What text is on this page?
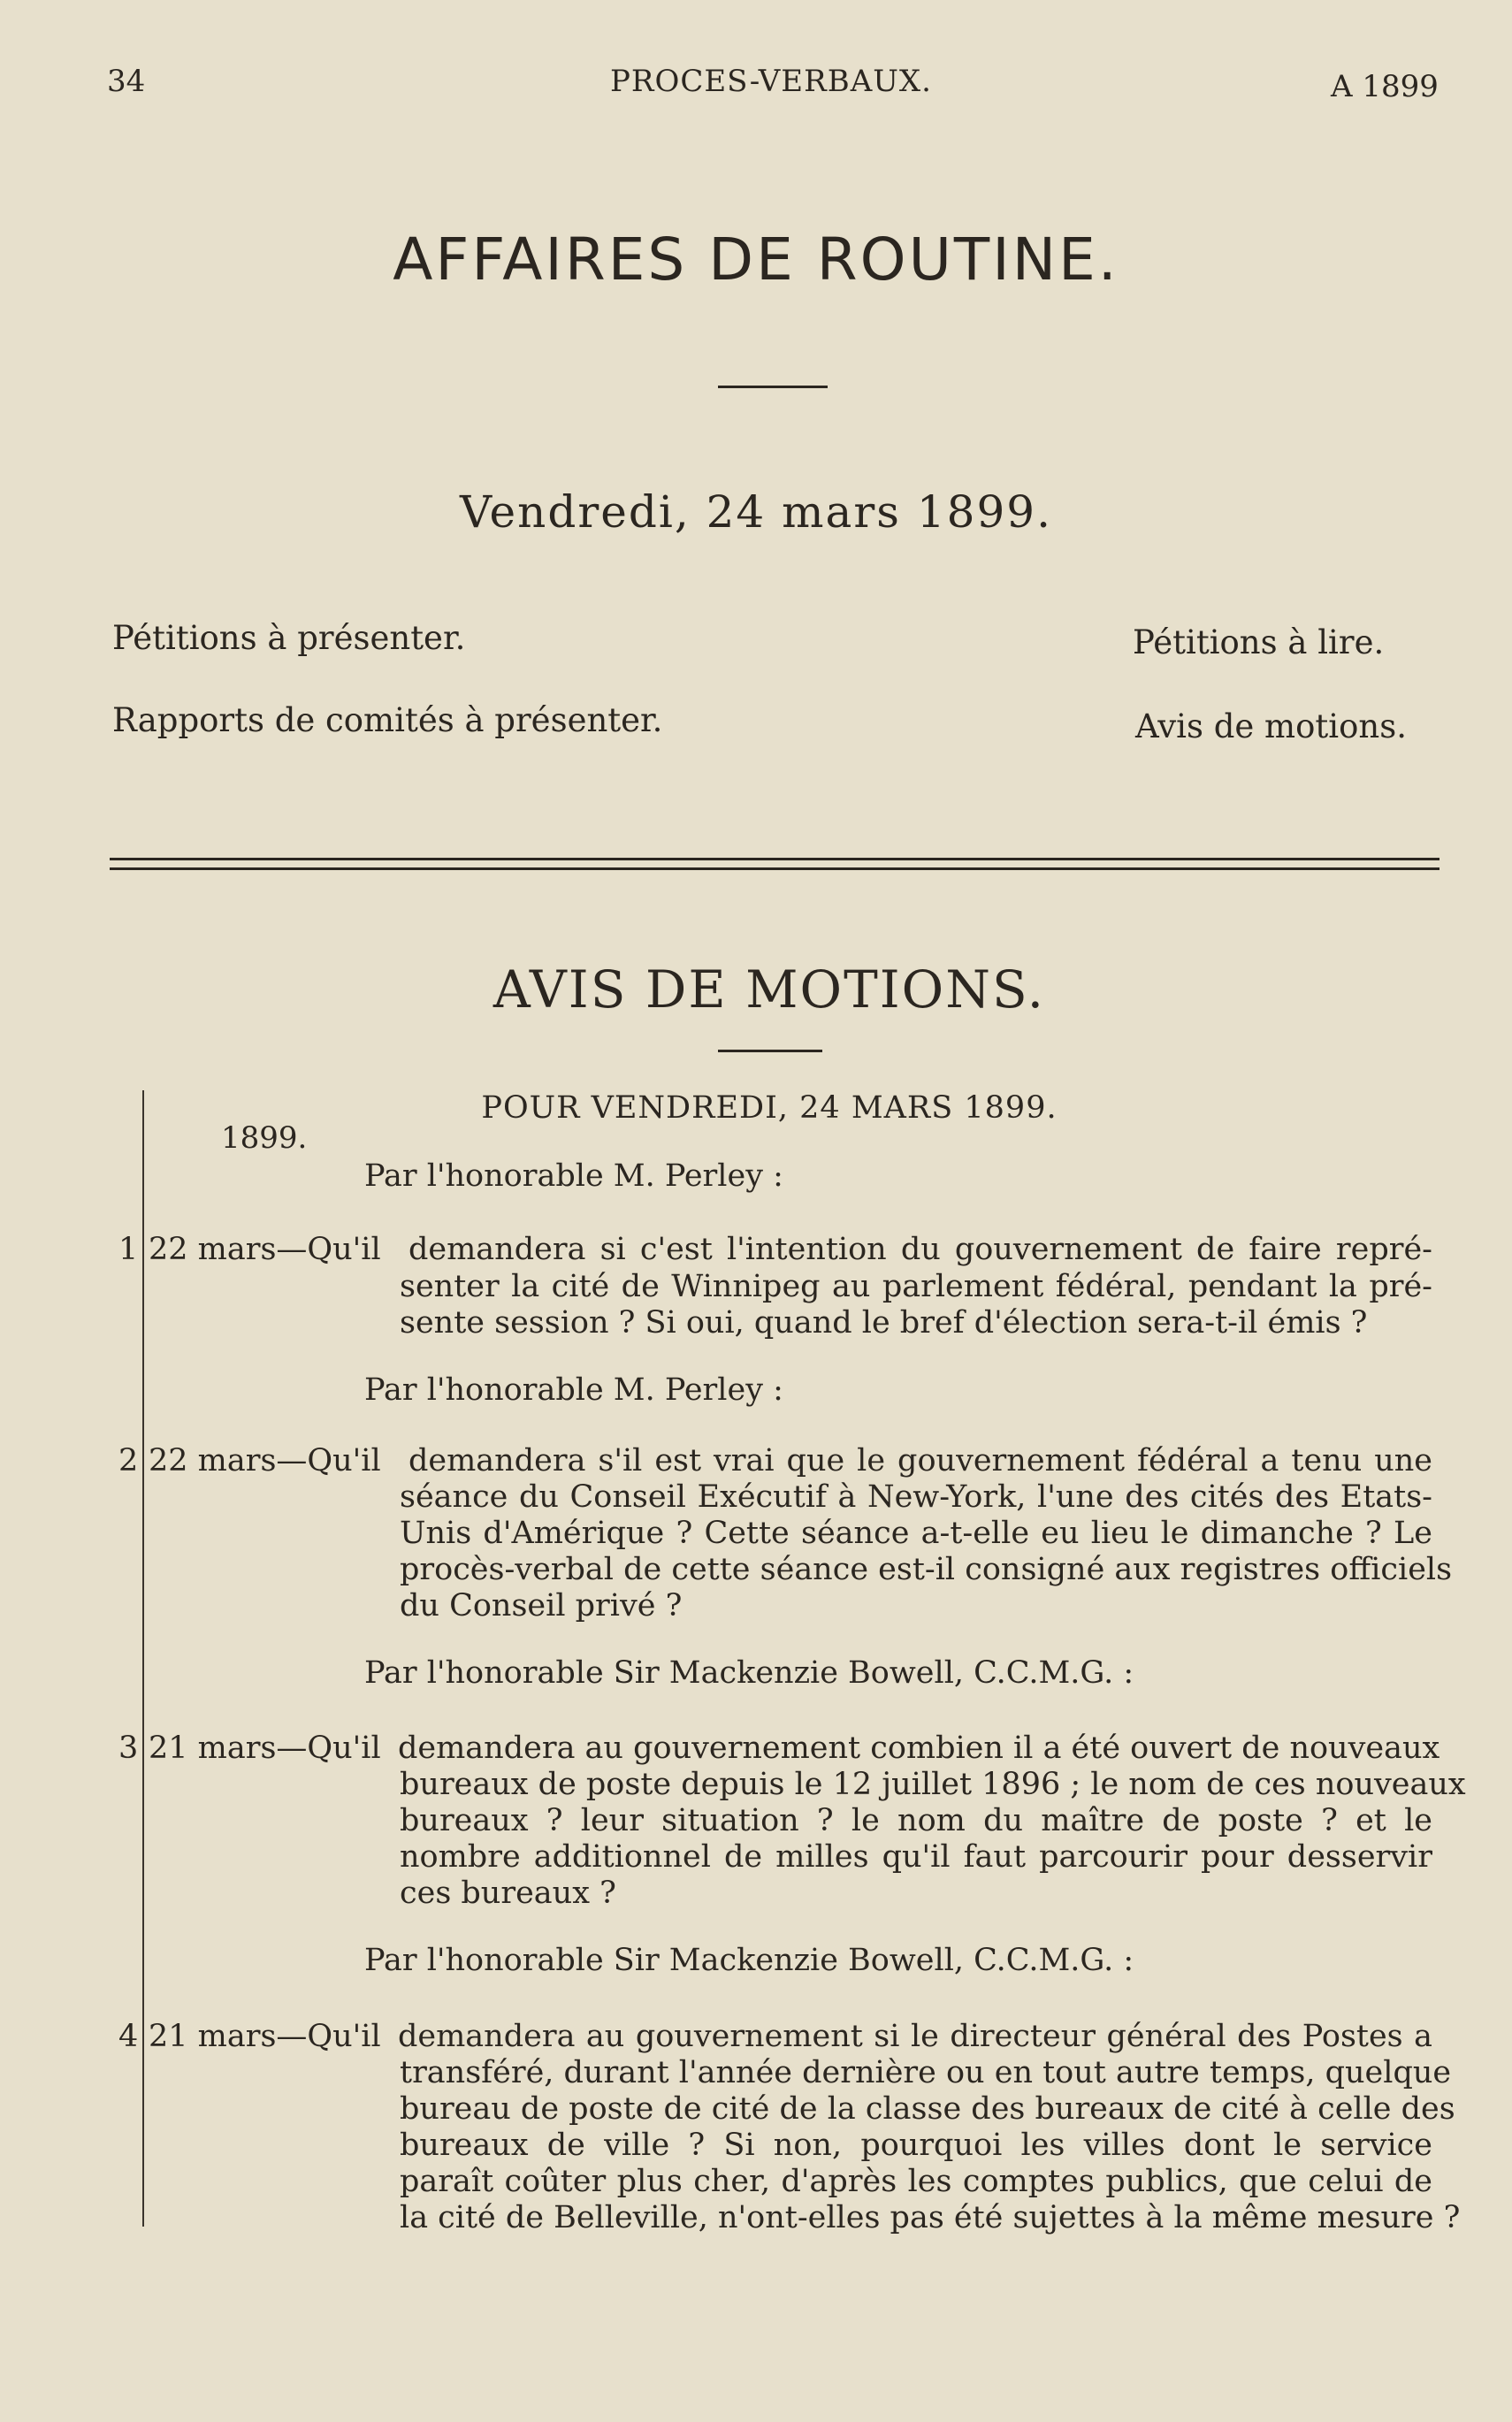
34	PROCES-VERBAUX.	A 1899
AFFAIRES DE ROUTINE.
Vendredi, 24 mars 1899.
Pétitions à présenter.
Rapports de comités à présenter.
Pétitions à lire.
Avis de motions.
AVIS DE MOTIONS.
POUR VENDREDI, 24 MARS 1899.
1899.
Par l'honorable M. Perley :
1 22 mars—Qu'il demandera si c'est l'intention du gouvernement de faire repré-
senter la cité de Winnipeg au parlement fédéral, pendant la pré-
sente session ? Si oui, quand le bref d'élection sera-t-il émis ?
Par l'honorable M. Perley :
2 22 mars—Qu'il demandera s'il est vrai que le gouvernement fédéral a tenu une
séance du Conseil Exécutif à New-York, l'une des cités des Etats-
Unis d'Amérique ? Cette séance a-t-elle eu lieu le dimanche ? Le
procès-verbal de cette séance est-il consigné aux registres officiels
du Conseil privé ?
Par l'honorable Sir Mackenzie Bowell, C.C.M.G. :
3 21 mars—Qu'il demandera au gouvernement combien il a été ouvert de nouveaux
bureaux de poste depuis le 12 juillet 1896 ; le nom de ces nouveaux
bureaux ? leur situation ? le nom du maître de poste ? et le
nombre additionnel de milles qu'il faut parcourir pour desservir
ces bureaux ?
Par l'honorable Sir Mackenzie Bowell, C.C.M.G. :
4 21 mars—Qu'il demandera au gouvernement si le directeur général des Postes a
transféré, durant l'année dernière ou en tout autre temps, quelque
bureau de poste de cité de la classe des bureaux de cité à celle des
bureaux de ville ? Si non, pourquoi les villes dont le service
paraît coûter plus cher, d'après les comptes publics, que celui de
la cité de Belleville, n'ont-elles pas été sujettes à la même mesure ?
